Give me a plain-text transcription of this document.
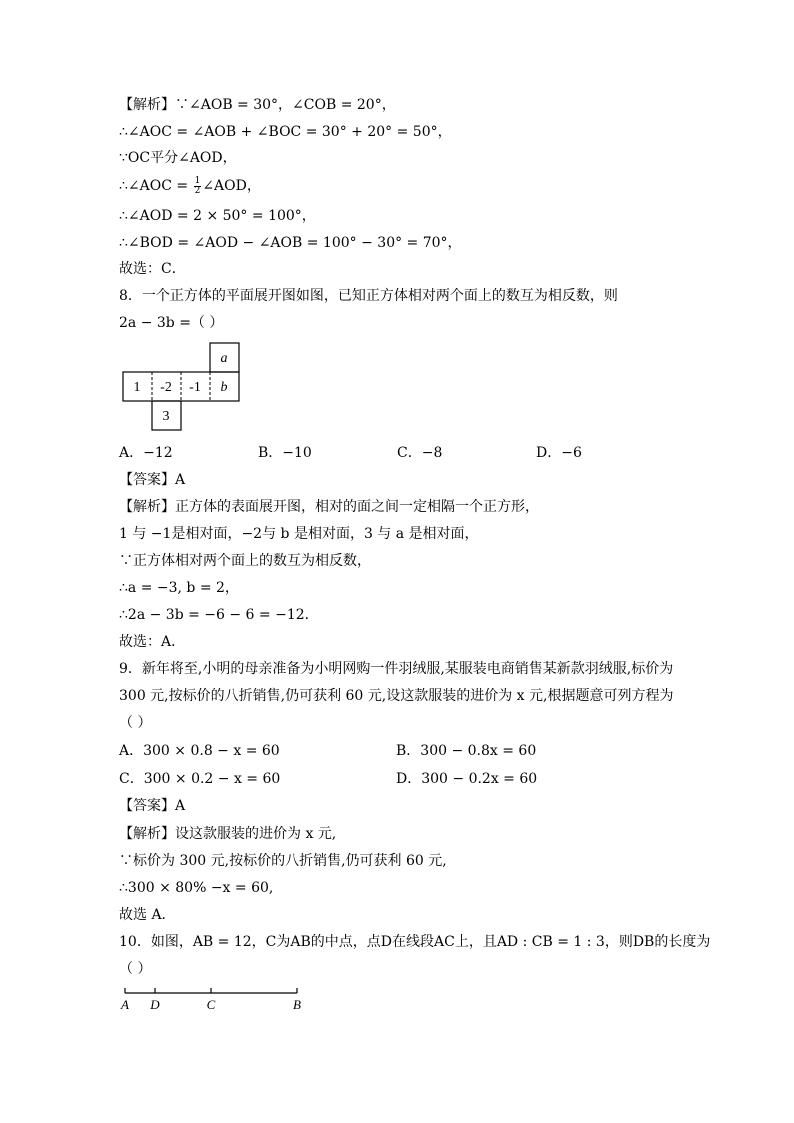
【解析】∵∠AOB = 30°，∠COB = 20°，
∴∠AOC = ∠AOB + ∠BOC = 30° + 20° = 50°，
∵OC平分∠AOD，
∴∠AOC = $\frac{1}{2}$ ∠AOD，
∴∠AOD = 2 × 50° = 100°，
∴∠BOD = ∠AOD − ∠AOB = 100° − 30° = 70°，
故选：C．
8．一个正方体的平面展开图如图，已知正方体相对两个面上的数互为相反数，则
2a − 3b =（ ）
a
1 -2 -1 b
3
A．−12	B．−10	C．−8	D．−6
【答案】A
【解析】正方体的表面展开图，相对的面之间一定相隔一个正方形，
1 与 −1是相对面，−2与 b 是相对面，3 与 a 是相对面，
∵正方体相对两个面上的数互为相反数，
∴a = −3, b = 2，
∴2a − 3b = −6 − 6 = −12．
故选：A．
9．新年将至,小明的母亲准备为小明网购一件羽绒服,某服装电商销售某新款羽绒服,标价为
300 元,按标价的八折销售,仍可获利 60 元,设这款服装的进价为 x 元,根据题意可列方程为
（ ）
A．300 × 0.8 − x = 60	B．300 − 0.8x = 60
C．300 × 0.2 − x = 60	D．300 − 0.2x = 60
【答案】A
【解析】设这款服装的进价为 x 元,
∵标价为 300 元,按标价的八折销售,仍可获利 60 元,
∴300 × 80% −x = 60,
故选 A．
10．如图，AB = 12，C为AB的中点，点D在线段AC上，且AD : CB = 1 : 3，则DB的长度为
（ ）
A D	C	B
